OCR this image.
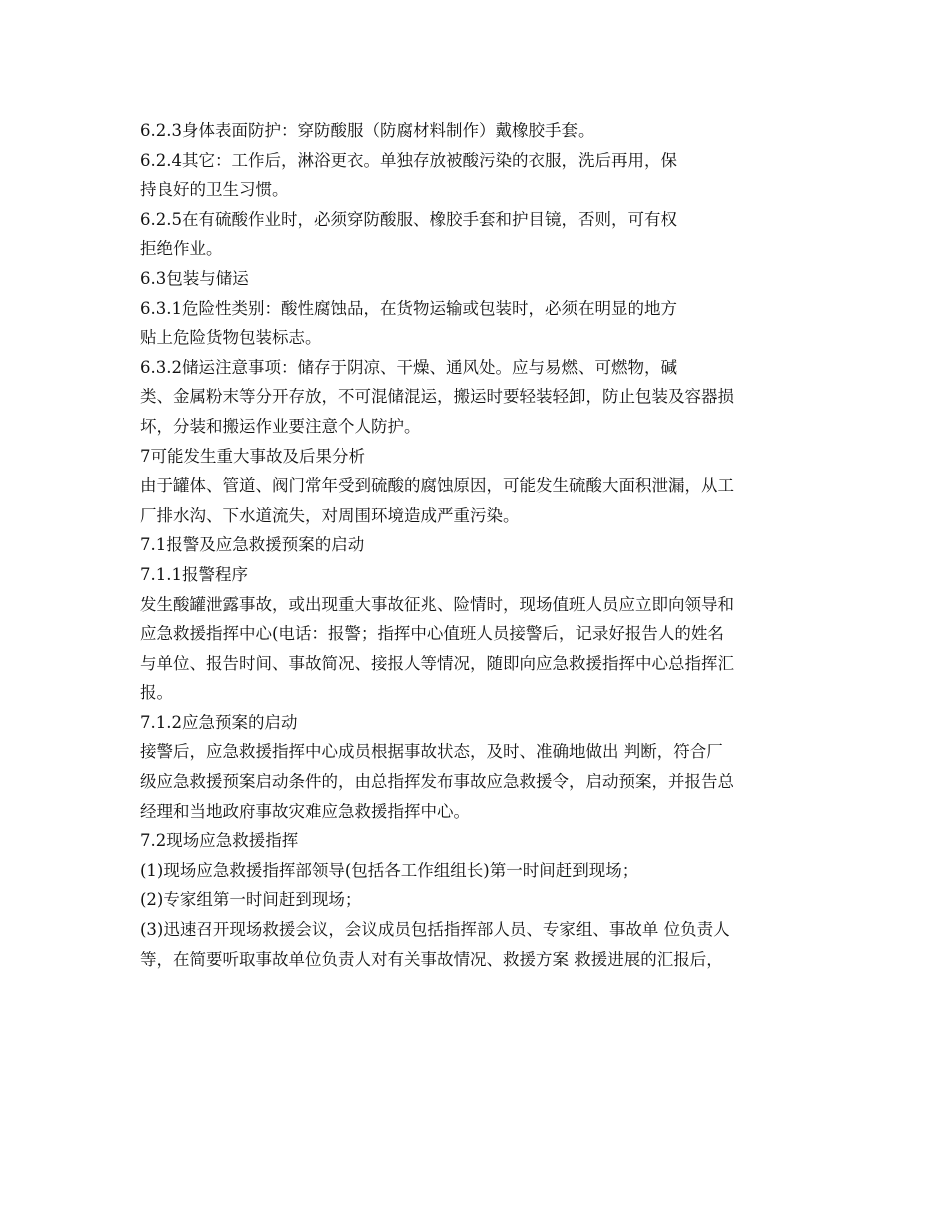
6.2.3身体表面防护：穿防酸服（防腐材料制作）戴橡胶手套。
6.2.4其它：工作后，淋浴更衣。单独存放被酸污染的衣服，洗后再用，保
持良好的卫生习惯。
6.2.5在有硫酸作业时，必须穿防酸服、橡胶手套和护目镜，否则，可有权
拒绝作业。
6.3包装与储运
6.3.1危险性类别：酸性腐蚀品，在货物运输或包装时，必须在明显的地方
贴上危险货物包装标志。
6.3.2储运注意事项：储存于阴凉、干燥、通风处。应与易燃、可燃物，碱
类、金属粉末等分开存放，不可混储混运，搬运时要轻装轻卸，防止包装及容器损
坏，分装和搬运作业要注意个人防护。
7可能发生重大事故及后果分析
由于罐体、管道、阀门常年受到硫酸的腐蚀原因，可能发生硫酸大面积泄漏，从工
厂排水沟、下水道流失，对周围环境造成严重污染。
7.1报警及应急救援预案的启动
7.1.1报警程序
发生酸罐泄露事故，或出现重大事故征兆、险情时，现场值班人员应立即向领导和
应急救援指挥中心(电话：报警；指挥中心值班人员接警后，记录好报告人的姓名
与单位、报告时间、事故简况、接报人等情况，随即向应急救援指挥中心总指挥汇
报。
7.1.2应急预案的启动
接警后，应急救援指挥中心成员根据事故状态，及时、准确地做出 判断，符合厂
级应急救援预案启动条件的，由总指挥发布事故应急救援令，启动预案，并报告总
经理和当地政府事故灾难应急救援指挥中心。
7.2现场应急救援指挥
(1)现场应急救援指挥部领导(包括各工作组组长)第一时间赶到现场；
(2)专家组第一时间赶到现场；
(3)迅速召开现场救援会议，会议成员包括指挥部人员、专家组、事故单 位负责人
等，在简要听取事故单位负责人对有关事故情况、救援方案 救援进展的汇报后，
